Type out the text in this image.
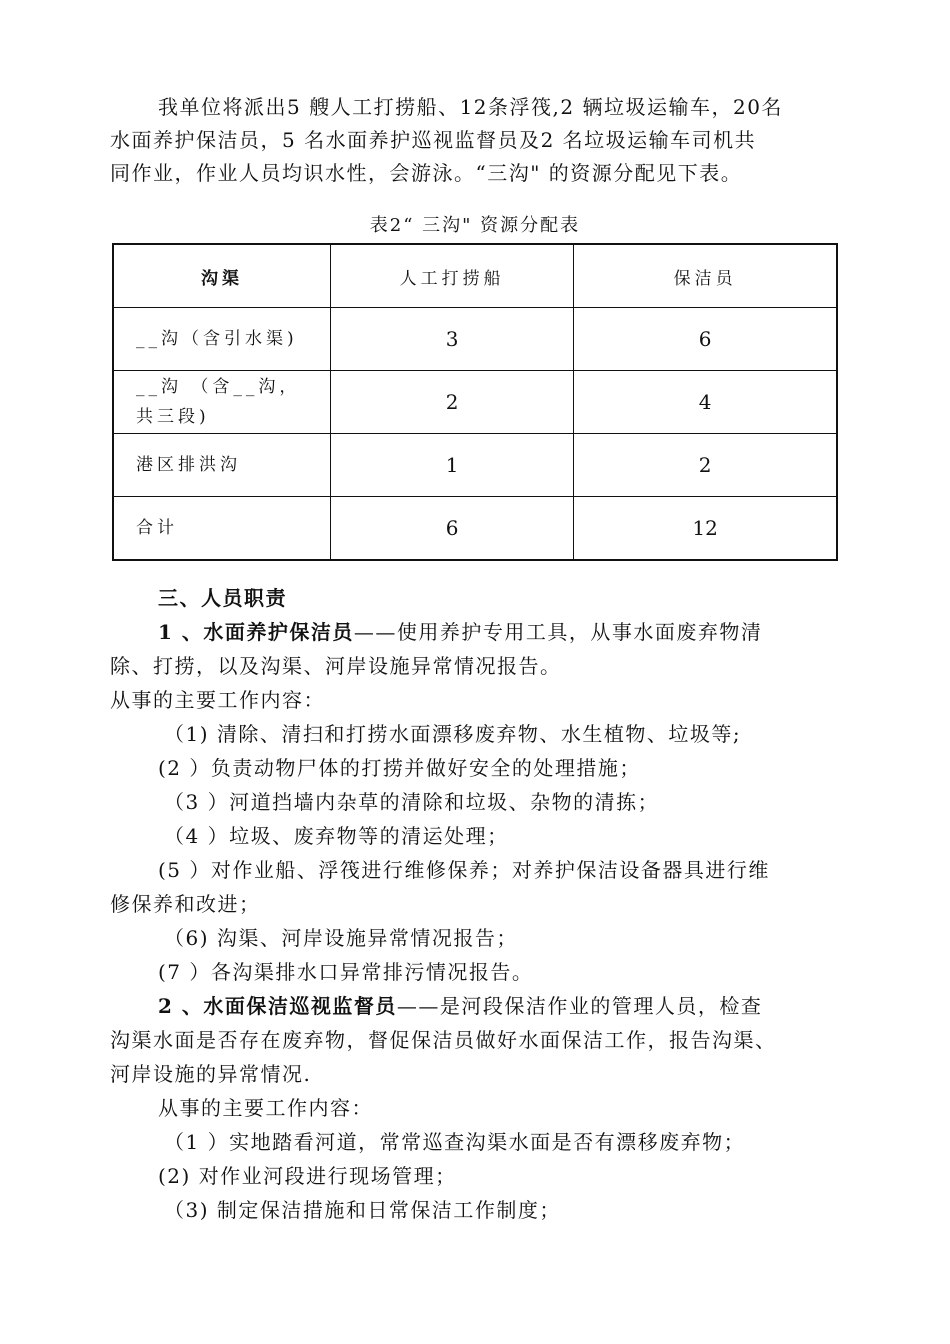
我单位将派出5 艘人工打捞船、12条浮筏,2 辆垃圾运输车，20名
水面养护保洁员，5 名水面养护巡视监督员及2 名垃圾运输车司机共
同作业，作业人员均识水性，会游泳。“三沟" 的资源分配见下表。
表2“ 三沟" 资源分配表
沟渠	人工打捞船	保洁员
__沟（含引水渠)	3	6

__沟 （含__沟，
共三段)	2	4
港区排洪沟	1	2
合计	6	12
三、人员职责
1 、水面养护保洁员——使用养护专用工具，从事水面废弃物清
除、打捞，以及沟渠、河岸设施异常情况报告。
从事的主要工作内容：
（1) 清除、清扫和打捞水面漂移废弃物、水生植物、垃圾等;
(2 ）负责动物尸体的打捞并做好安全的处理措施；
（3 ）河道挡墙内杂草的清除和垃圾、杂物的清拣；
（4 ）垃圾、废弃物等的清运处理；
(5 ）对作业船、浮筏进行维修保养；对养护保洁设备器具进行维
修保养和改进；
（6) 沟渠、河岸设施异常情况报告；
(7 ）各沟渠排水口异常排污情况报告。
2 、水面保洁巡视监督员——是河段保洁作业的管理人员，检查
沟渠水面是否存在废弃物，督促保洁员做好水面保洁工作，报告沟渠、
河岸设施的异常情况.
从事的主要工作内容：
（1 ）实地踏看河道，常常巡查沟渠水面是否有漂移废弃物；
(2) 对作业河段进行现场管理；
（3) 制定保洁措施和日常保洁工作制度；
